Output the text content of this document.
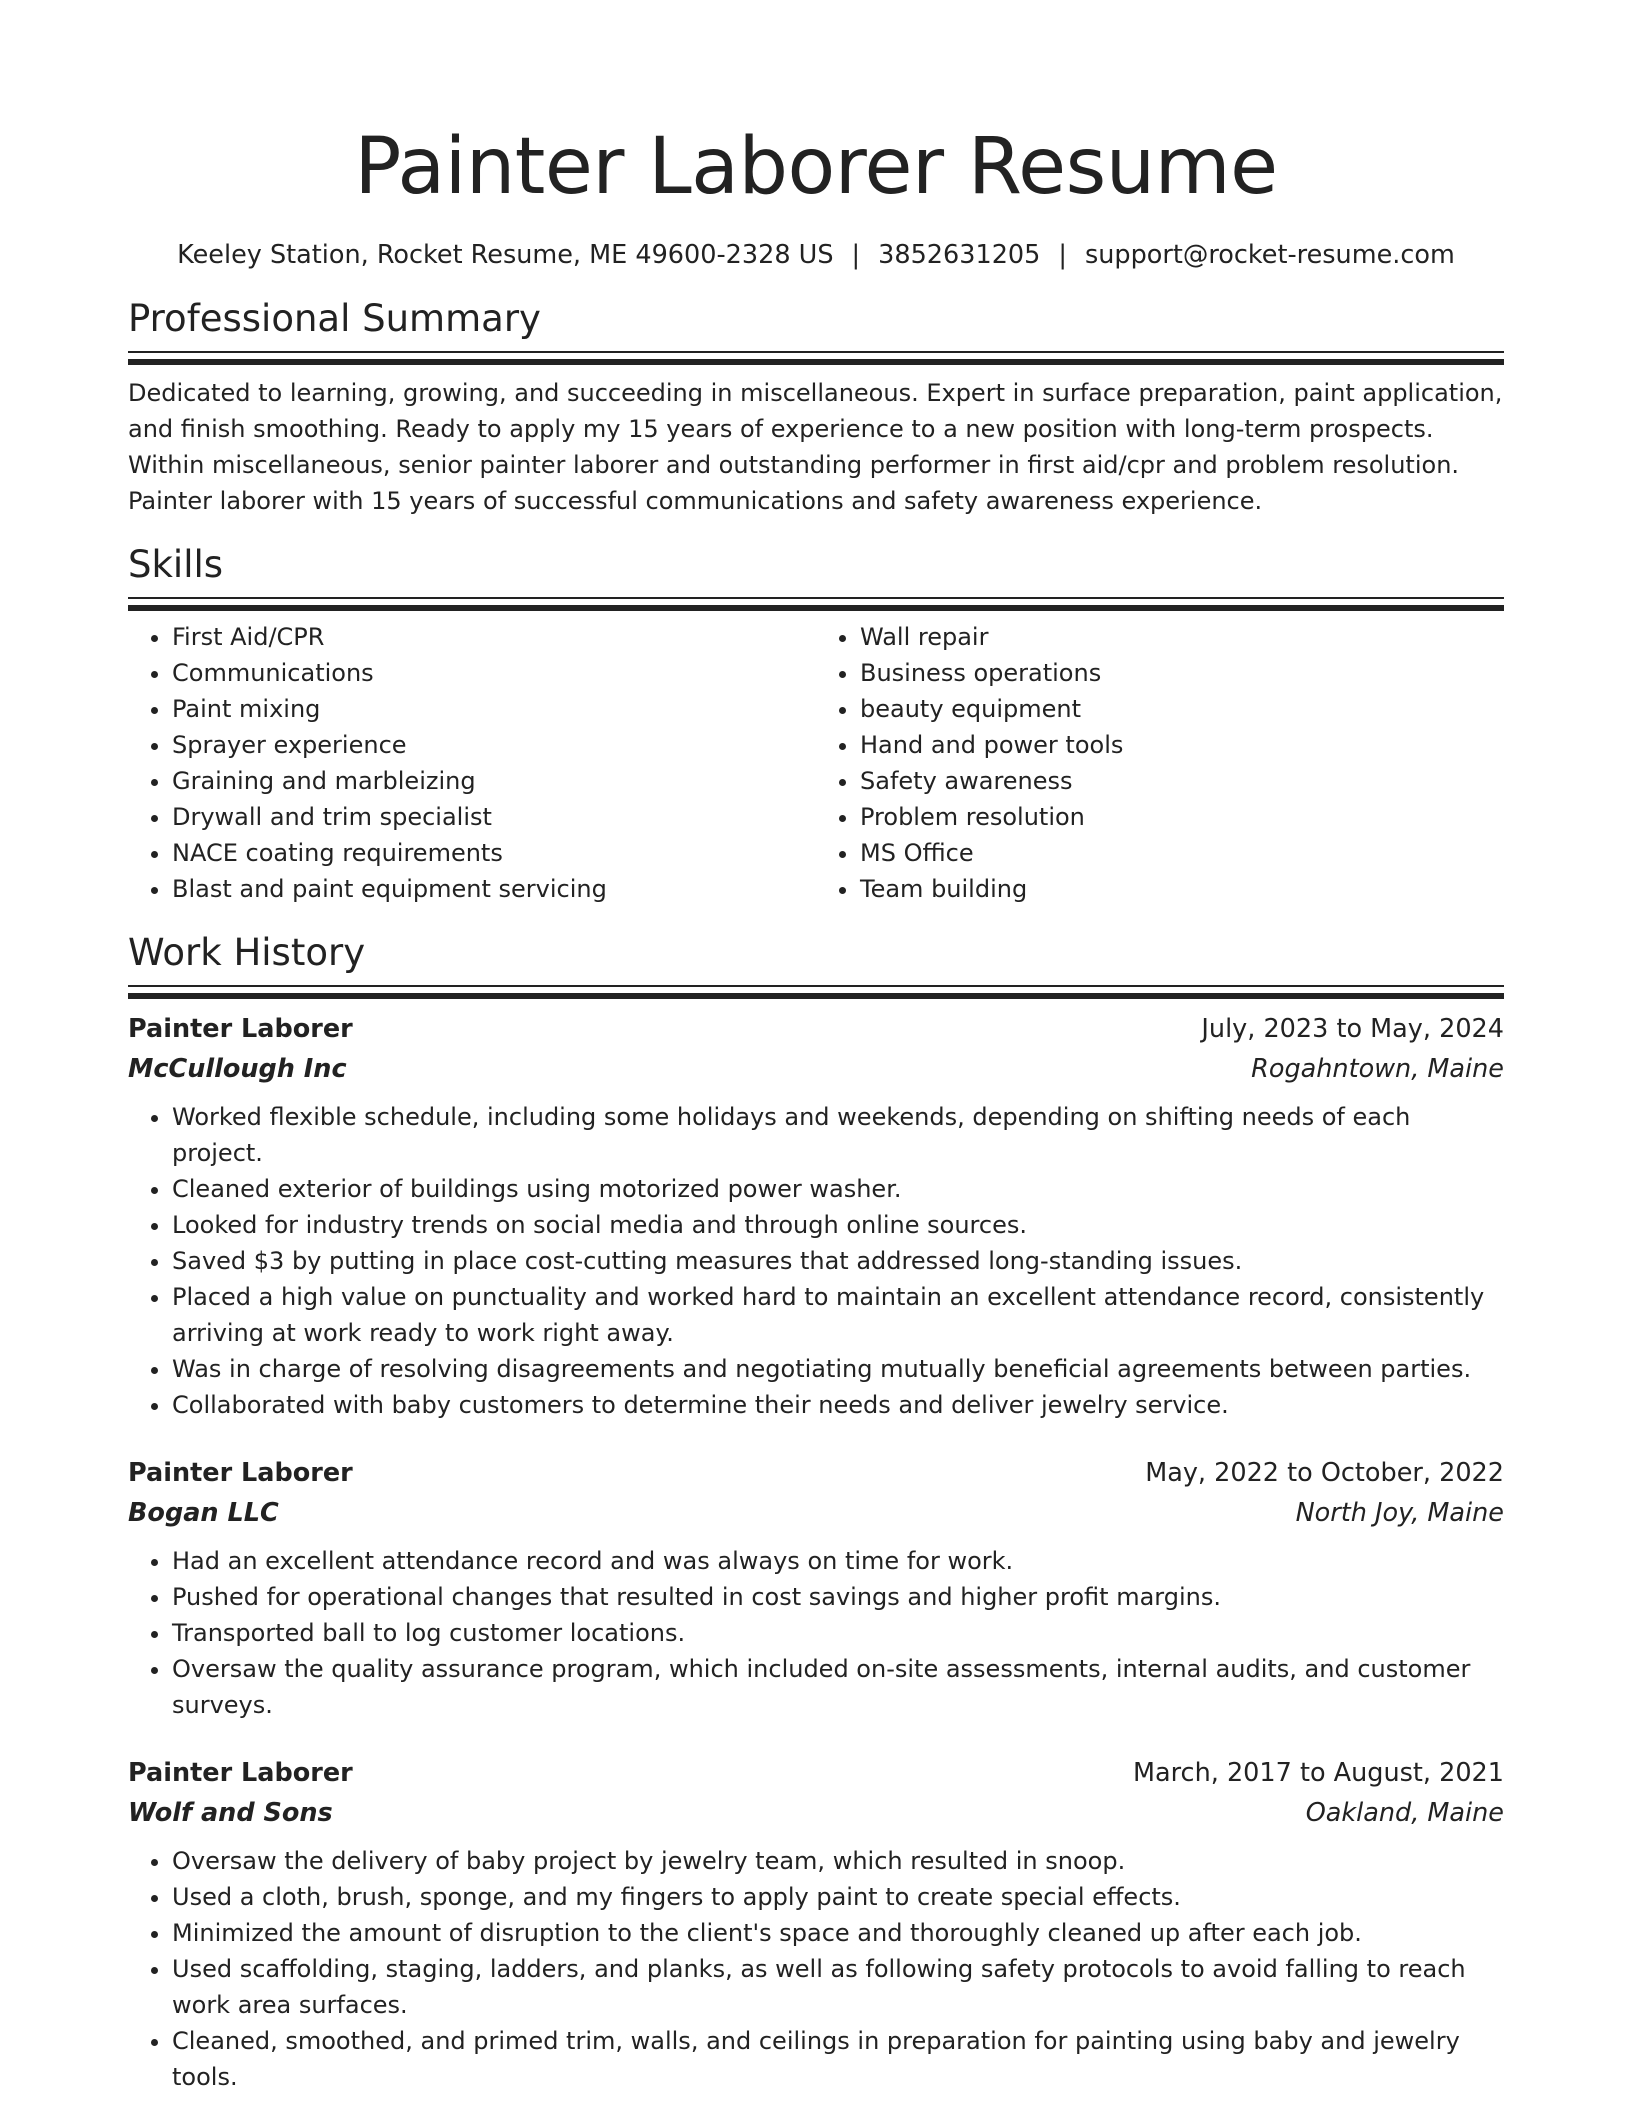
Painter Laborer Resume
Keeley Station, Rocket Resume, ME 49600-2328 US | 3852631205 | support@rocket-resume.com
Professional Summary
Dedicated to learning, growing, and succeeding in miscellaneous. Expert in surface preparation, paint application, and finish smoothing. Ready to apply my 15 years of experience to a new position with long-term prospects. Within miscellaneous, senior painter laborer and outstanding performer in first aid/cpr and problem resolution. Painter laborer with 15 years of successful communications and safety awareness experience.
Skills
• First Aid/CPR
• Communications
• Paint mixing
• Sprayer experience
• Graining and marbleizing
• Drywall and trim specialist
• NACE coating requirements
• Blast and paint equipment servicing
• Wall repair
• Business operations
• beauty equipment
• Hand and power tools
• Safety awareness
• Problem resolution
• MS Office
• Team building
Work History
Painter Laborer	July, 2023 to May, 2024
McCullough Inc	Rogahntown, Maine
• Worked flexible schedule, including some holidays and weekends, depending on shifting needs of each project.
• Cleaned exterior of buildings using motorized power washer.
• Looked for industry trends on social media and through online sources.
• Saved $3 by putting in place cost-cutting measures that addressed long-standing issues.
• Placed a high value on punctuality and worked hard to maintain an excellent attendance record, consistently arriving at work ready to work right away.
• Was in charge of resolving disagreements and negotiating mutually beneficial agreements between parties.
• Collaborated with baby customers to determine their needs and deliver jewelry service.
Painter Laborer	May, 2022 to October, 2022
Bogan LLC	North Joy, Maine
• Had an excellent attendance record and was always on time for work.
• Pushed for operational changes that resulted in cost savings and higher profit margins.
• Transported ball to log customer locations.
• Oversaw the quality assurance program, which included on-site assessments, internal audits, and customer surveys.
Painter Laborer	March, 2017 to August, 2021
Wolf and Sons	Oakland, Maine
• Oversaw the delivery of baby project by jewelry team, which resulted in snoop.
• Used a cloth, brush, sponge, and my fingers to apply paint to create special effects.
• Minimized the amount of disruption to the client's space and thoroughly cleaned up after each job.
• Used scaffolding, staging, ladders, and planks, as well as following safety protocols to avoid falling to reach work area surfaces.
• Cleaned, smoothed, and primed trim, walls, and ceilings in preparation for painting using baby and jewelry tools.
